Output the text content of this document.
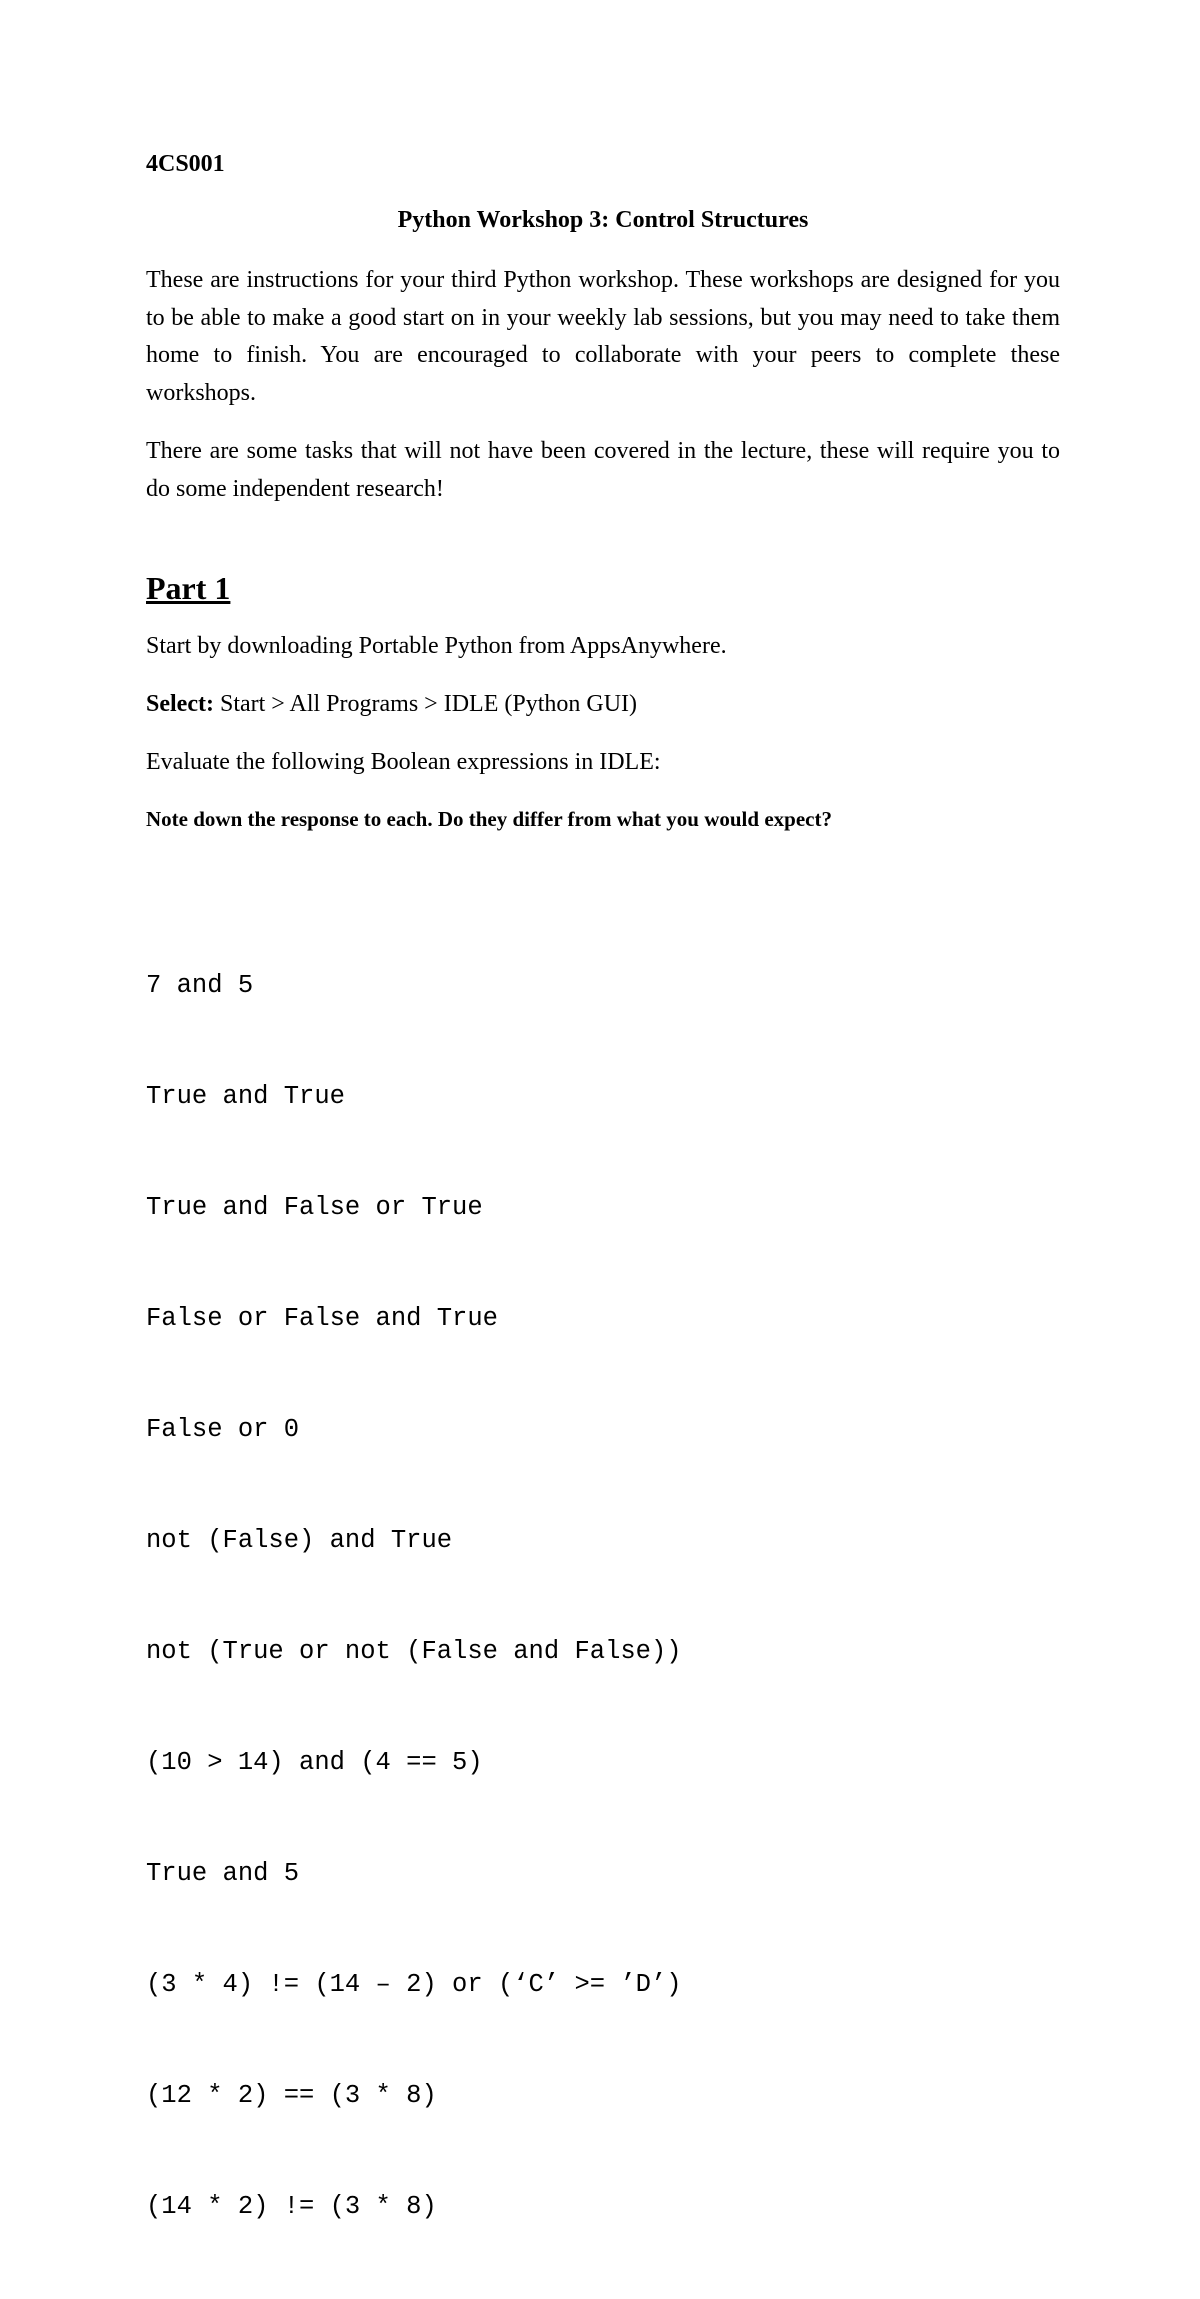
4CS001
Python Workshop 3: Control Structures

These are instructions for your third Python workshop. These workshops are designed for you to be able to make a good start on in your weekly lab sessions, but you may need to take them home to finish. You are encouraged to collaborate with your peers to complete these workshops.

There are some tasks that will not have been covered in the lecture, these will require you to do some independent research!

Part 1
Start by downloading Portable Python from AppsAnywhere.
Select: Start > All Programs > IDLE (Python GUI)
Evaluate the following Boolean expressions in IDLE:
Note down the response to each. Do they differ from what you would expect?

7 and 5

True and True

True and False or True

False or False and True

False or 0

not (False) and True

not (True or not (False and False))

(10 > 14) and (4 == 5)

True and 5

(3 * 4) != (14 – 2) or (‘C’ >= ’D’)

(12 * 2) == (3 * 8)

(14 * 2) != (3 * 8)
